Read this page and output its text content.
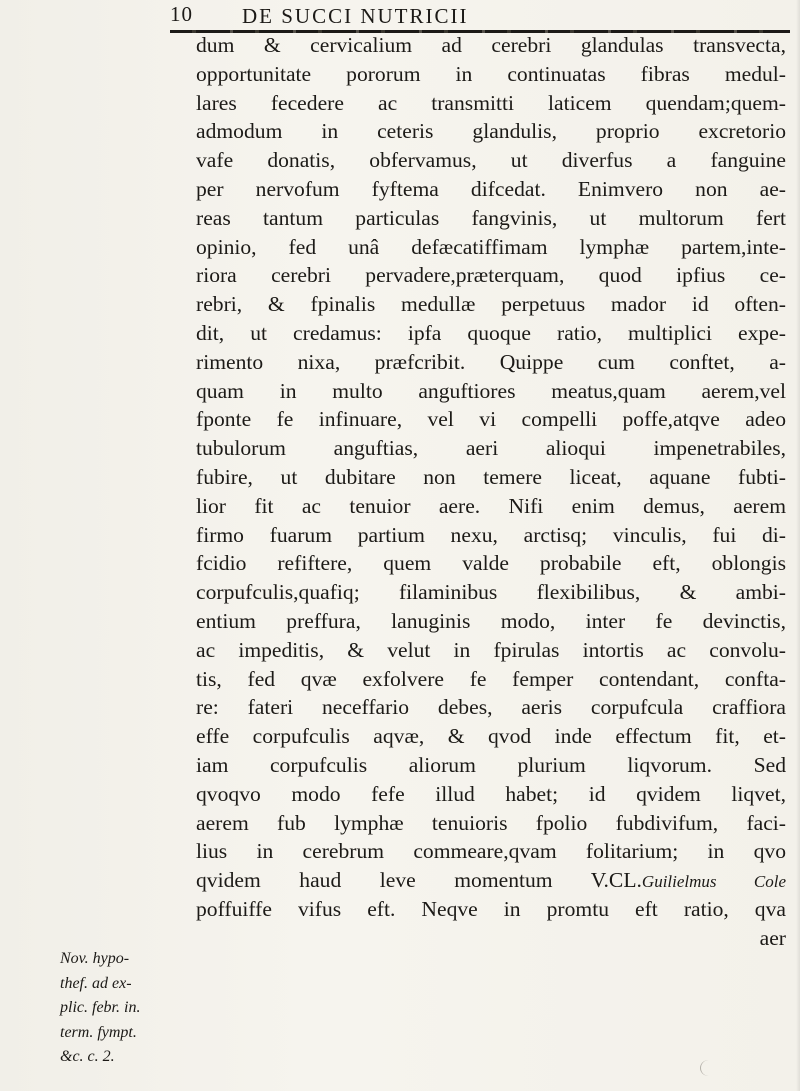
10 DE SUCCI NUTRICII
dum & cervicalium ad cerebri glandulas transvecta,
opportunitate pororum in continuatas fibras medul-
lares fecedere ac transmitti laticem quendam;quem-
admodum in ceteris glandulis, proprio excretorio
vafe donatis, obfervamus, ut diverfus a fanguine
per nervofum fyftema difcedat. Enimvero non ae-
reas tantum particulas fangvinis, ut multorum fert
opinio, fed unâ defæcatiffimam lymphæ partem,inte-
riora cerebri pervadere,præterquam, quod ipfius ce-
rebri, & fpinalis medullæ perpetuus mador id often-
dit, ut credamus: ipfa quoque ratio, multiplici expe-
rimento nixa, præfcribit. Quippe cum conftet, a-
quam in multo anguftiores meatus,quam aerem,vel
fponte fe infinuare, vel vi compelli poffe,atqve adeo
tubulorum anguftias, aeri alioqui impenetrabiles,
fubire, ut dubitare non temere liceat, aquane fubti-
lior fit ac tenuior aere. Nifi enim demus, aerem
firmo fuarum partium nexu, arctisq; vinculis, fui di-
fcidio refiftere, quem valde probabile eft, oblongis
corpufculis,quafiq; filaminibus flexibilibus, & ambi-
entium preffura, lanuginis modo, inter fe devinctis,
ac impeditis, & velut in fpirulas intortis ac convolu-
tis, fed qvæ exfolvere fe femper contendant, confta-
re: fateri neceffario debes, aeris corpufcula craffiora
effe corpufculis aqvæ, & qvod inde effectum fit, et-
iam corpufculis aliorum plurium liqvorum. Sed
qvoqvo modo fefe illud habet; id qvidem liqvet,
aerem fub lymphæ tenuioris fpolio fubdivifum, faci-
lius in cerebrum commeare,qvam folitarium; in qvo
qvidem haud leve momentum V.CL.Guilielmus Cole
poffuiffe vifus eft. Neqve in promtu eft ratio, qva
aer
Nov. hypo-
thef. ad ex-
plic. febr. in.
term. fympt.
&c. c. 2.
